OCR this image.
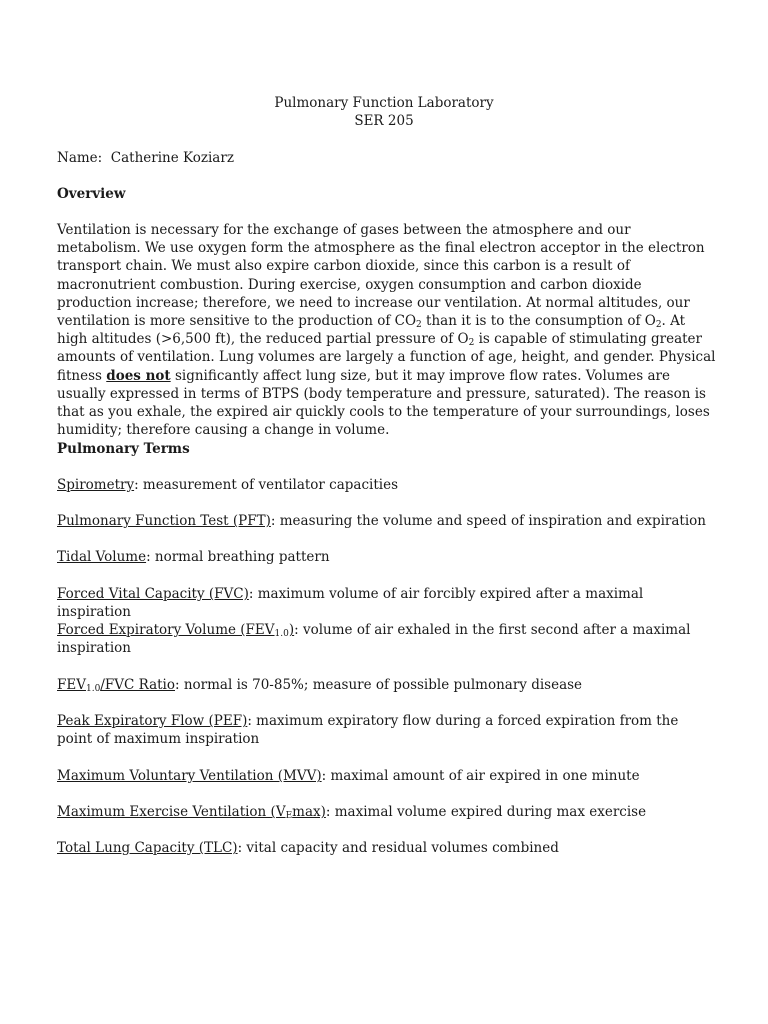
Pulmonary Function Laboratory
SER 205
Name: Catherine Koziarz
Overview

Ventilation is necessary for the exchange of gases between the atmosphere and our metabolism. We use oxygen form the atmosphere as the final electron acceptor in the electron transport chain. We must also expire carbon dioxide, since this carbon is a result of macronutrient combustion. During exercise, oxygen consumption and carbon dioxide production increase; therefore, we need to increase our ventilation. At normal altitudes, our ventilation is more sensitive to the production of $CO_2$ than it is to the consumption of $O_2$. At high altitudes (>6,500 ft), the reduced partial pressure of $O_2$ is capable of stimulating greater amounts of ventilation. Lung volumes are largely a function of age, height, and gender. Physical fitness does not significantly affect lung size, but it may improve flow rates. Volumes are usually expressed in terms of BTPS (body temperature and pressure, saturated). The reason is that as you exhale, the expired air quickly cools to the temperature of your surroundings, loses humidity; therefore causing a change in volume.

Pulmonary Terms

Spirometry: measurement of ventilator capacities

Pulmonary Function Test (PFT): measuring the volume and speed of inspiration and expiration

Tidal Volume: normal breathing pattern

Forced Vital Capacity (FVC): maximum volume of air forcibly expired after a maximal inspiration

Forced Expiratory Volume $(FEV_{1.0})$: volume of air exhaled in the first second after a maximal inspiration

$FEV_{1.0}$/FVC Ratio: normal is 70-85%; measure of possible pulmonary disease

Peak Expiratory Flow (PEF): maximum expiratory flow during a forced expiration from the point of maximum inspiration

Maximum Voluntary Ventilation (MVV): maximal amount of air expired in one minute

Maximum Exercise Ventilation $(V_E\max)$: maximal volume expired during max exercise

Total Lung Capacity (TLC): vital capacity and residual volumes combined
